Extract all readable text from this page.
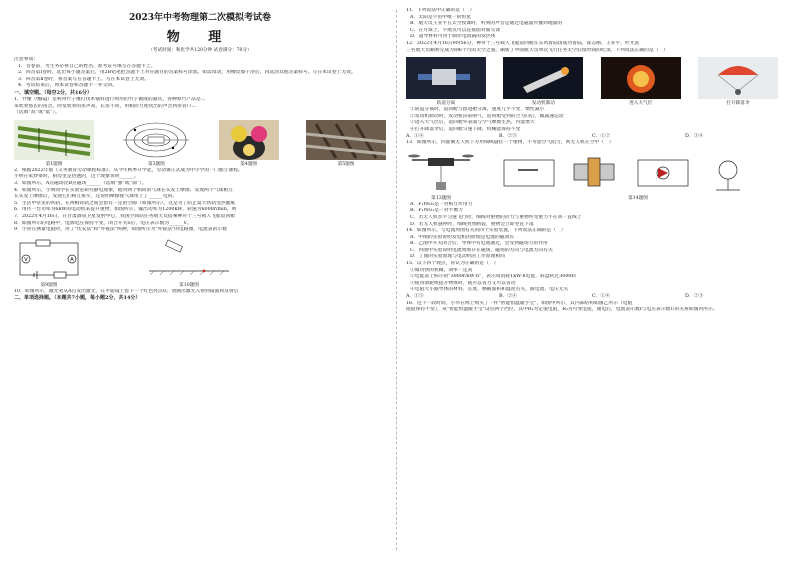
2023年中考物理第二次模拟考试卷
物 理
（考试时间：和化学共120分钟 试卷满分：70分）
注意事项：
1．答卷前，考生务必将自己的姓名、准考证号填写在答题卡上。
2．回答第Ⅰ卷时，选出每小题答案后，用2B铅笔把答题卡上对应题目的答案标号涂黑。如需改动，用橡皮擦干净后，再选涂其他答案标号。写在本试卷上无效。
3．回答第Ⅱ卷时，将答案写在答题卡上。写在本试卷上无效。
4．考试结束后，将本试卷和答题卡一并交回。
一、填空题。（每空2分，共16分）
1．竹绷（绷ng）是利用竹子锤打伐木铺料进行利用的竹子做成的器具，各种原竹产品是…
来吹奏悠长的笛音，阿宽吹奏的笛声高、长笛不同，用相同力度吹出的声音到笛管口…
（选填“高”或“低”）。
第1题图	第3题图	第4题图	第5题图
2．根据2022年版《义务教育劳动课程标准》，从今年秋季开学起，劳动课正式成为中小学的一门独立课程。
小明在家炒菜时，厨房里是热透的，这个现象说明______。
3．如图所示，A点磁场比B点磁场______（选填“强”或“弱”）。
4．如图所示，小明同学在实验室研究静电现象，他用两个相同的气球在头发上摩擦，发现两个气球相互
在头发上摩擦后，发现它们相互排斥，这说明摩擦使气球带上了______电荷。
5．生活中常见的铁轨，在两根铁轨之间会留有一定的空隙（如图所示），这是为了防止夏天铁轨受热膨胀
6．用传一台功率为6kW的电动机来提升重物，如图所示，输出功率为1200kW，转速为6000r/min，则
7．2022年4月16日，在甘肃酒泉卫星发射中心，我国空间站任务航天员搭乘神舟十三号载人飞船返回舱
8．如图所示的电路中，电源电压保持不变，闭合开关S后，电压表示数为______V。
9．小亮在测量电阻时，用了"伏安法"和"外接法"两种，如图所示为"外接法"的电路图，电流表的示数
V	A
第9题图	第10题图
10．如图所示，激光笔从A点发出激光，在平面镜上留下一个红色亮点O，请画出激光入射到镜面和反射后
二、单项选择题。（本题共7小题，每小题2分，共14分）
11．下列说法中正确的是（　）
A．太阳是宇宙中唯一的恒星
B．航天员王亚平在太空授课时，听到的声音是通过电磁波传播到地面的
C．在月球上，宇航员可以直接面对面交谈
D．超导材料可用于制作电饭锅的发热体
12．2022年4月16日9时56分，神舟十三号载人飞船返回舱在东风着陆场成功着陆，翟志刚、王亚平、叶光富
三名航天员顺利完成为期6个月的太空之旅，刷新了中国航天员单次飞行任务太空驻留时间的纪录。下列说法正确的是（　）
轨道分离	发动机制动	进入大气层	打开降落伞
①轨道分离时，返回舱与推进舱分离，速度几乎不变，惯性减小
②发动机制动时，发动机向前喷气，返回舱受到的合力向后，做减速运动
③进入大气层后，返回舱外表面与空气摩擦生热，内能增大
④打开降落伞后，返回舱匀速下降，机械能保持不变
A．①④	B．②③	C．①②	D．③④
13．如图所示，四旋翼无人机下方用细线悬挂一个重物，不考虑空气阻力，则无人机在空中（　）
第13题图	第14题图
A．F₁和G₁是一对相互作用力
B．F₁和G₁是一对平衡力
C．若无人机水平匀速飞行时，细线对重物的拉力与重物所受重力不在同一直线上
D．若无人机悬停时，细线突然断裂，重物会立即竖直下落
14．如图所示，与电流周围有关的四个实验装置，下列说法正确的是（　）
A．甲图的实验说明发电机的原理是电流的磁效应
B．乙图中开关闭合后，导体中有电流通过，会受到磁场力的作用
C．丙图中实验说明电流周围存在磁场，磁场的方向与电流方向有关
D．丁图的实验原理与电动机的工作原理相同
15．以下四个观点，你认为正确的是（　）
①做功快的机械，效率一定高
②电能表上标示的"3000r/kW·h"，表示每消耗1kW·h电能，转盘转过3000转
③使用滑轮组提升物体时，既可以省力又可以省功
④电阻大小跟导体的材料、长度、横截面积和温度有关，跟电流、电压无关
A．①③	B．②④	C．①④	D．②③
16．这个一段时间，小华在网上购买了一件"智能恒温暖手宝"，如图甲所示，其内部结构如图乙所示（电阻
阻值保持不变），该"智能恒温暖手宝"设有两个挡位，其中R₁为定值电阻，R₂为可变电阻，通电后，电流表示数I与电压表示数U的关系如图丙所示。
